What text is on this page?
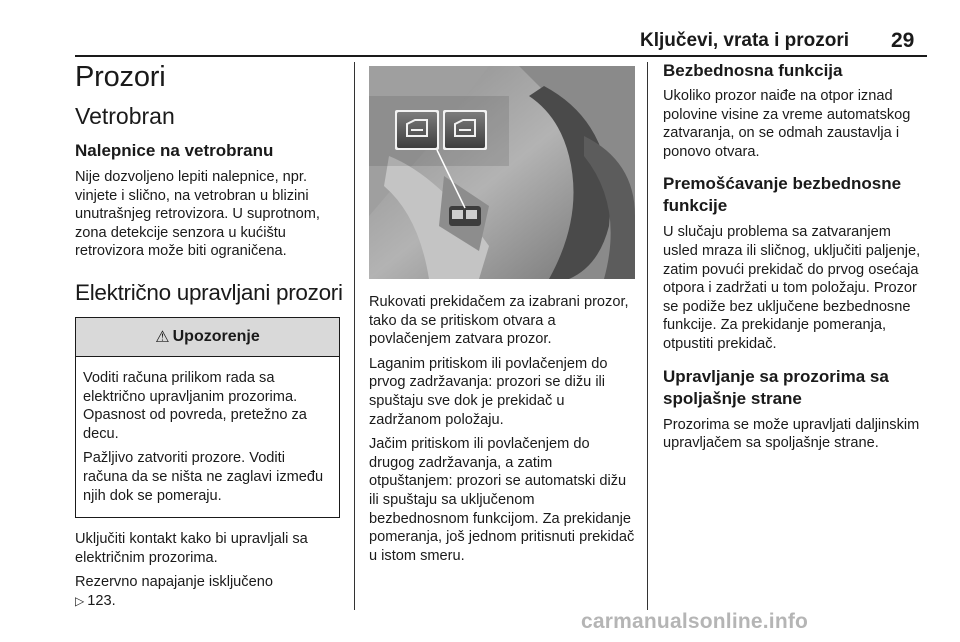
Ključevi, vrata i prozori 29
Prozori
Vetrobran
Nalepnice na vetrobranu

Nije dozvoljeno lepiti nalepnice, npr. vinjete i slično, na vetrobran u blizini unutrašnjeg retrovizora. U suprotnom, zona detekcije senzora u kućištu retrovizora može biti ograničena.

Električno upravljani prozori
⚠ Upozorenje

Voditi računa prilikom rada sa električno upravljanim prozorima. Opasnost od povreda, pretežno za decu.

Pažljivo zatvoriti prozore. Voditi računa da se ništa ne zaglavi između njih dok se pomeraju.

Uključiti kontakt kako bi upravljali sa električnim prozorima.

Rezervno napajanje isključeno
▷ 123.

Rukovati prekidačem za izabrani prozor, tako da se pritiskom otvara a povlačenjem zatvara prozor.

Laganim pritiskom ili povlačenjem do prvog zadržavanja: prozori se dižu ili spuštaju sve dok je prekidač u zadržanom položaju.

Jačim pritiskom ili povlačenjem do drugog zadržavanja, a zatim otpuštanjem: prozori se automatski dižu ili spuštaju sa uključenom bezbednosnom funkcijom. Za prekidanje pomeranja, još jednom pritisnuti prekidač u istom smeru.

Bezbednosna funkcija

Ukoliko prozor naiđe na otpor iznad polovine visine za vreme automatskog zatvaranja, on se odmah zaustavlja i ponovo otvara.

Premošćavanje bezbednosne funkcije

U slučaju problema sa zatvaranjem usled mraza ili sličnog, uključiti paljenje, zatim povući prekidač do prvog osećaja otpora i zadržati u tom položaju. Prozor se podiže bez uključene bezbednosne funkcije. Za prekidanje pomeranja, otpustiti prekidač.

Upravljanje sa prozorima sa spoljašnje strane

Prozorima se može upravljati daljinskim upravljačem sa spoljašnje strane.

carmanualsonline.info
